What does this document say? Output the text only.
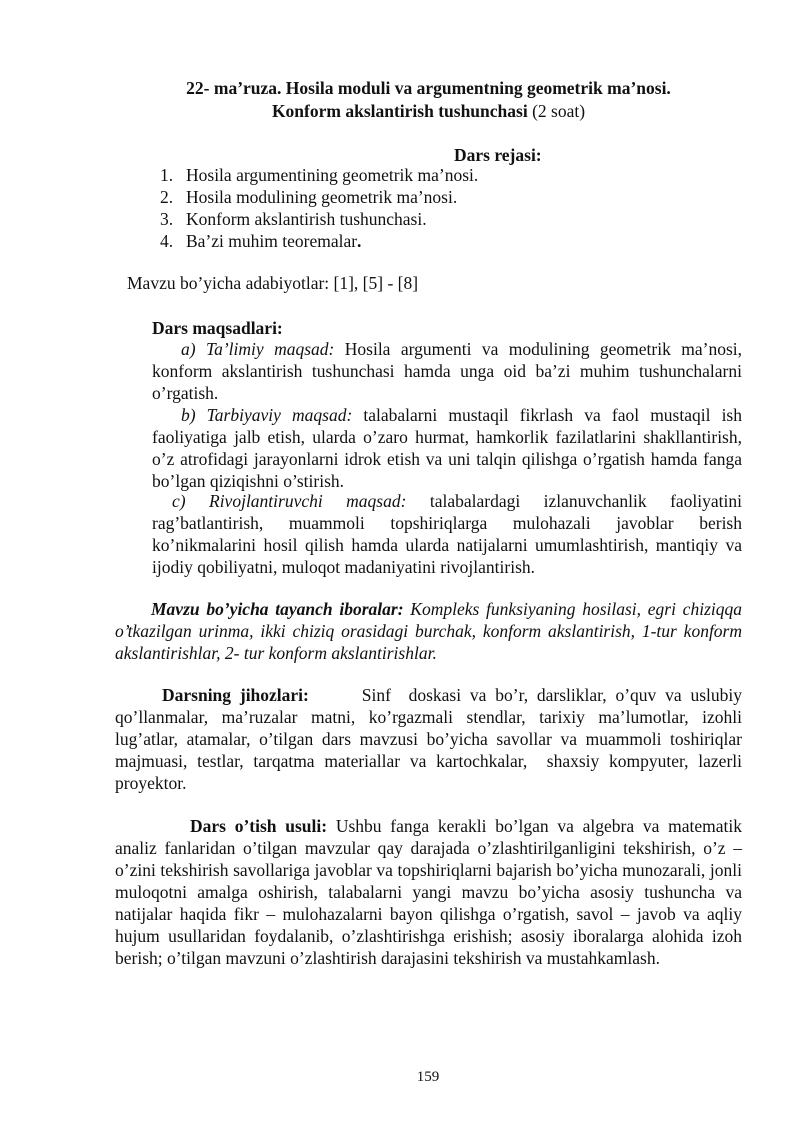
22- ma’ruza. Hosila moduli va argumentning geometrik ma’nosi.
Konform akslantirish tushunchasi (2 soat)
Dars rejasi:
1. Hosila argumentining geometrik ma’nosi.
2. Hosila modulining geometrik ma’nosi.
3. Konform akslantirish tushunchasi.
4. Ba’zi muhim teoremalar.
Mavzu bo’yicha adabiyotlar: [1], [5] - [8]
Dars maqsadlari:
a) Ta’limiy maqsad: Hosila argumenti va modulining geometrik ma’nosi, konform akslantirish tushunchasi hamda unga oid ba’zi muhim tushunchalarni o’rgatish.
b) Tarbiyaviy maqsad: talabalarni mustaqil fikrlash va faol mustaqil ish faoliyatiga jalb etish, ularda o’zaro hurmat, hamkorlik fazilatlarini shakllantirish, o’z atrofidagi jarayonlarni idrok etish va uni talqin qilishga o’rgatish hamda fanga bo’lgan qiziqishni o’stirish.
c) Rivojlantiruvchi maqsad: talabalardagi izlanuvchanlik faoliyatini rag’batlantirish, muammoli topshiriqlarga mulohazali javoblar berish ko’nikmalarini hosil qilish hamda ularda natijalarni umumlashtirish, mantiqiy va ijodiy qobiliyatni, muloqot madaniyatini rivojlantirish.
Mavzu bo’yicha tayanch iboralar: Kompleks funksiyaning hosilasi, egri chiziqqa o’tkazilgan urinma, ikki chiziq orasidagi burchak, konform akslantirish, 1-tur konform akslantirishlar, 2- tur konform akslantirishlar.
Darsning jihozlari:      Sinf  doskasi va bo’r, darsliklar, o’quv va uslubiy qo’llanmalar, ma’ruzalar matni, ko’rgazmali stendlar, tarixiy ma’lumotlar, izohli lug’atlar, atamalar, o’tilgan dars mavzusi bo’yicha savollar va muammoli toshiriqlar majmuasi, testlar, tarqatma materiallar va kartochkalar,  shaxsiy kompyuter, lazerli proyektor.
Dars o’tish usuli: Ushbu fanga kerakli bo’lgan va algebra va matematik analiz fanlaridan o’tilgan mavzular qay darajada o’zlashtirilganligini tekshirish, o’z – o’zini tekshirish savollariga javoblar va topshiriqlarni bajarish bo’yicha munozarali, jonli muloqotni amalga oshirish, talabalarni yangi mavzu bo’yicha asosiy tushuncha va natijalar haqida fikr – mulohazalarni bayon qilishga o’rgatish, savol – javob va aqliy hujum usullaridan foydalanib, o’zlashtirishga erishish; asosiy iboralarga alohida izoh berish; o’tilgan mavzuni o’zlashtirish darajasini tekshirish va mustahkamlash.
159
